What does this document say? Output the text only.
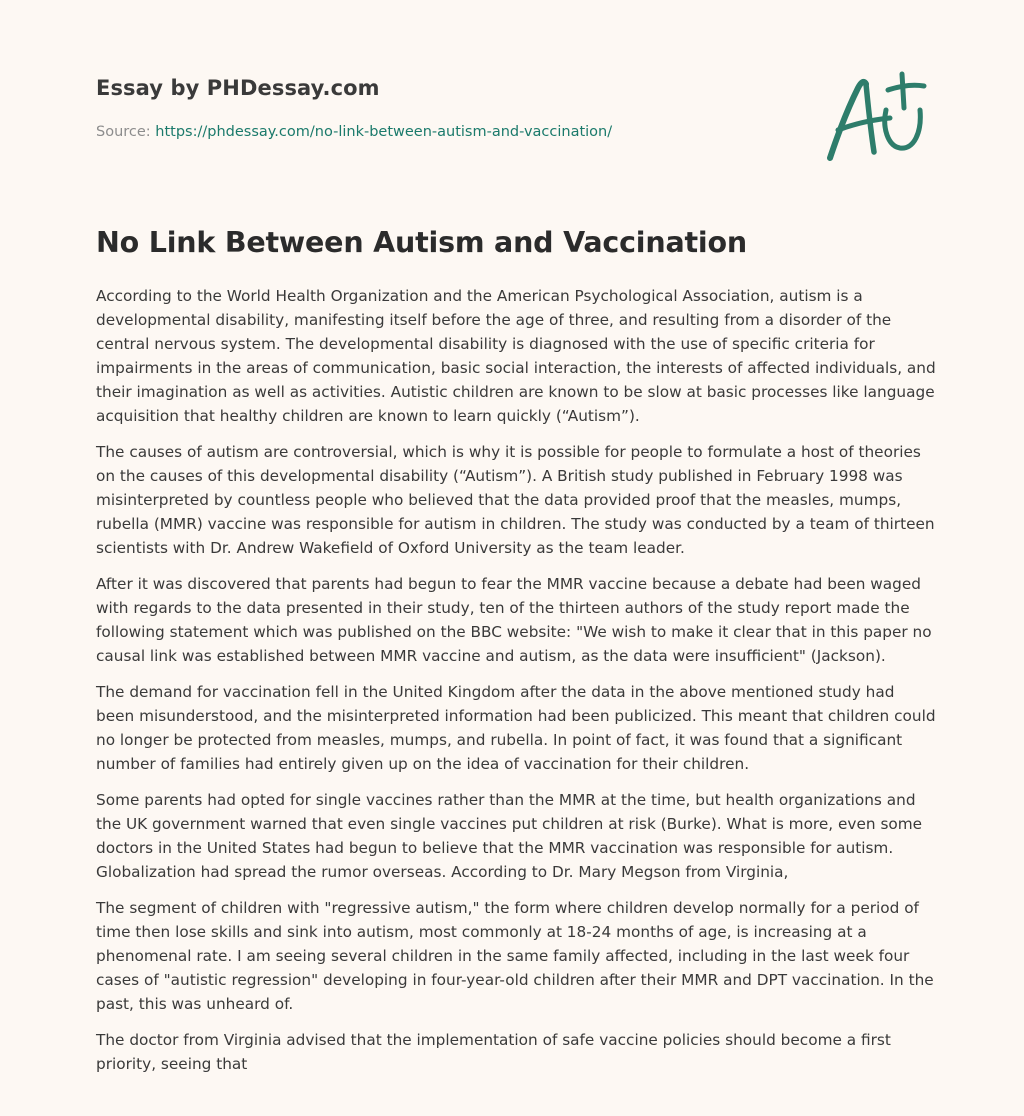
Essay by PHDessay.com
Source: https://phdessay.com/no-link-between-autism-and-vaccination/
No Link Between Autism and Vaccination

According to the World Health Organization and the American Psychological Association, autism is a developmental disability, manifesting itself before the age of three, and resulting from a disorder of the central nervous system. The developmental disability is diagnosed with the use of specific criteria for impairments in the areas of communication, basic social interaction, the interests of affected individuals, and their imagination as well as activities. Autistic children are known to be slow at basic processes like language acquisition that healthy children are known to learn quickly (“Autism”).

The causes of autism are controversial, which is why it is possible for people to formulate a host of theories on the causes of this developmental disability (“Autism”). A British study published in February 1998 was misinterpreted by countless people who believed that the data provided proof that the measles, mumps, rubella (MMR) vaccine was responsible for autism in children. The study was conducted by a team of thirteen scientists with Dr. Andrew Wakefield of Oxford University as the team leader.

After it was discovered that parents had begun to fear the MMR vaccine because a debate had been waged with regards to the data presented in their study, ten of the thirteen authors of the study report made the following statement which was published on the BBC website: "We wish to make it clear that in this paper no causal link was established between MMR vaccine and autism, as the data were insufficient" (Jackson).

The demand for vaccination fell in the United Kingdom after the data in the above mentioned study had been misunderstood, and the misinterpreted information had been publicized. This meant that children could no longer be protected from measles, mumps, and rubella. In point of fact, it was found that a significant number of families had entirely given up on the idea of vaccination for their children.

Some parents had opted for single vaccines rather than the MMR at the time, but health organizations and the UK government warned that even single vaccines put children at risk (Burke). What is more, even some doctors in the United States had begun to believe that the MMR vaccination was responsible for autism. Globalization had spread the rumor overseas. According to Dr. Mary Megson from Virginia,

The segment of children with "regressive autism," the form where children develop normally for a period of time then lose skills and sink into autism, most commonly at 18-24 months of age, is increasing at a phenomenal rate. I am seeing several children in the same family affected, including in the last week four cases of "autistic regression" developing in four-year-old children after their MMR and DPT vaccination. In the past, this was unheard of.

The doctor from Virginia advised that the implementation of safe vaccine policies should become a first priority, seeing that
